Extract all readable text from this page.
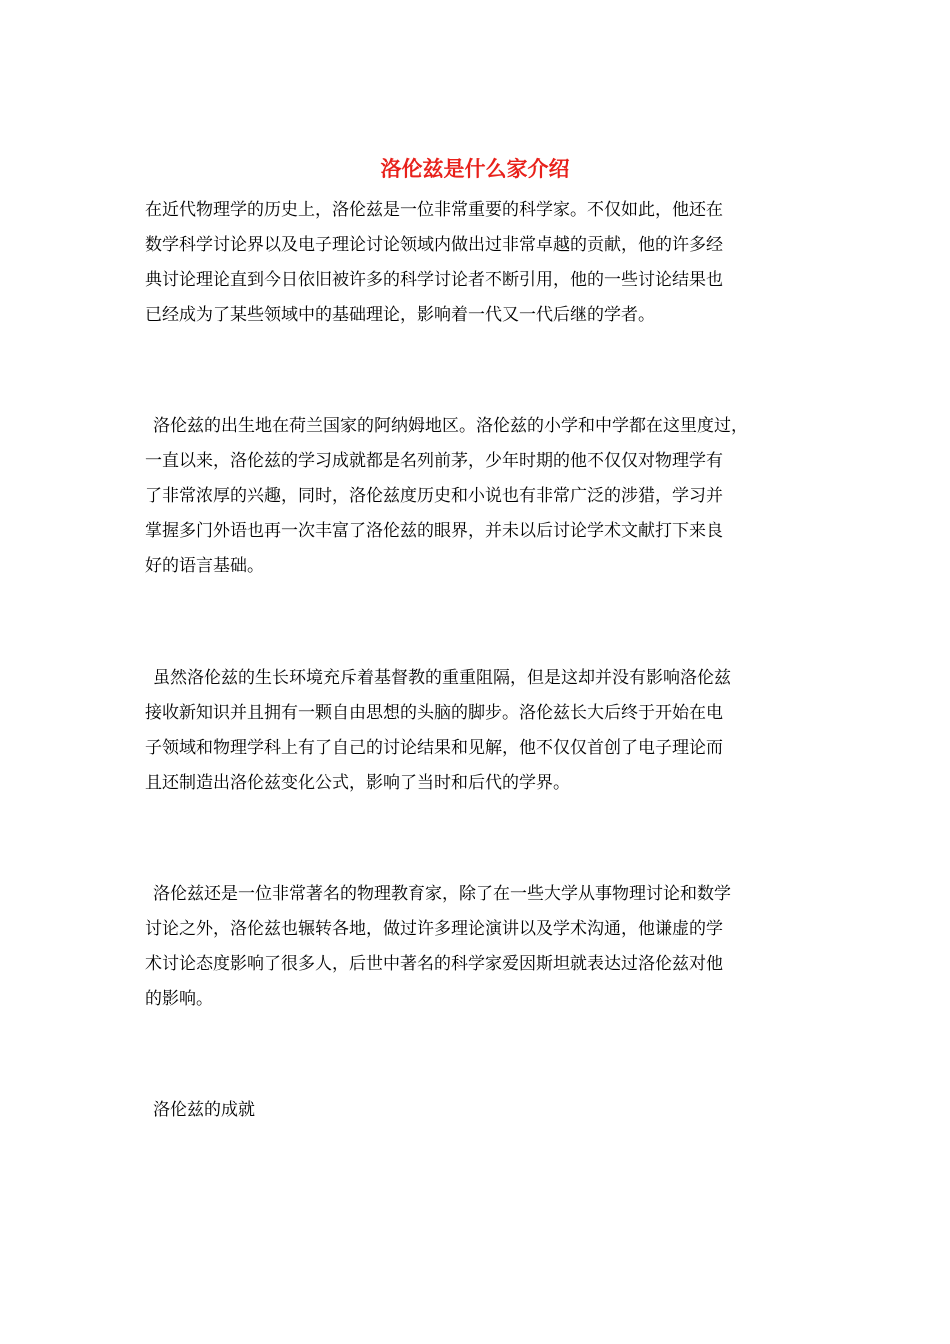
洛伦兹是什么家介绍

在近代物理学的历史上，洛伦兹是一位非常重要的科学家。不仅如此，他还在
数学科学讨论界以及电子理论讨论领域内做出过非常卓越的贡献，他的许多经
典讨论理论直到今日依旧被许多的科学讨论者不断引用，他的一些讨论结果也
已经成为了某些领域中的基础理论，影响着一代又一代后继的学者。

洛伦兹的出生地在荷兰国家的阿纳姆地区。洛伦兹的小学和中学都在这里度过，
一直以来，洛伦兹的学习成就都是名列前茅，少年时期的他不仅仅对物理学有
了非常浓厚的兴趣，同时，洛伦兹度历史和小说也有非常广泛的涉猎，学习并
掌握多门外语也再一次丰富了洛伦兹的眼界，并未以后讨论学术文献打下来良
好的语言基础。

虽然洛伦兹的生长环境充斥着基督教的重重阻隔，但是这却并没有影响洛伦兹
接收新知识并且拥有一颗自由思想的头脑的脚步。洛伦兹长大后终于开始在电
子领域和物理学科上有了自己的讨论结果和见解，他不仅仅首创了电子理论而
且还制造出洛伦兹变化公式，影响了当时和后代的学界。

洛伦兹还是一位非常著名的物理教育家，除了在一些大学从事物理讨论和数学
讨论之外，洛伦兹也辗转各地，做过许多理论演讲以及学术沟通，他谦虚的学
术讨论态度影响了很多人，后世中著名的科学家爱因斯坦就表达过洛伦兹对他
的影响。

洛伦兹的成就
